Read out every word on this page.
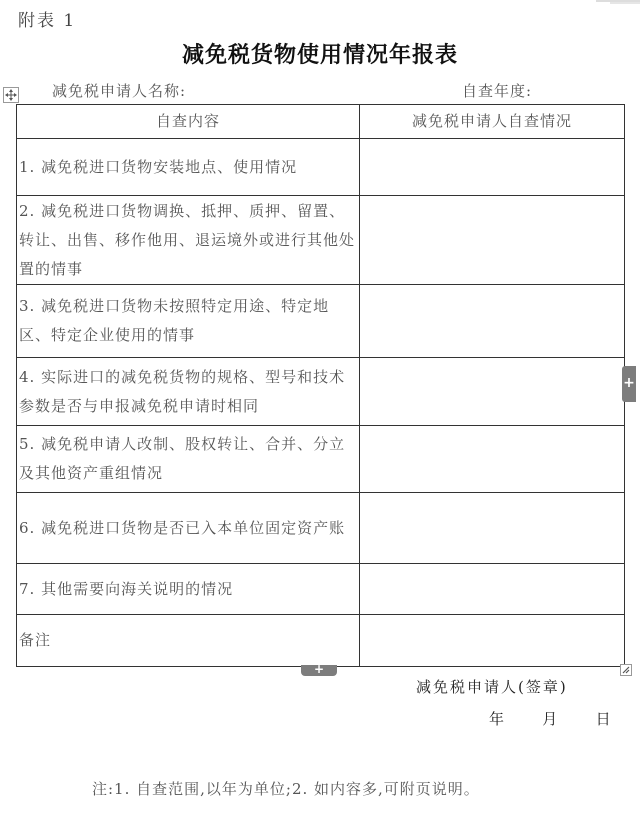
附表 1
减免税货物使用情况年报表
减免税申请人名称:	自查年度:
自查内容	减免税申请人自查情况
1. 减免税进口货物安装地点、使用情况	
2. 减免税进口货物调换、抵押、质押、留置、转让、出售、移作他用、退运境外或进行其他处置的情事	
3. 减免税进口货物未按照特定用途、特定地区、特定企业使用的情事	
4. 实际进口的减免税货物的规格、型号和技术参数是否与申报减免税申请时相同	
5. 减免税申请人改制、股权转让、合并、分立及其他资产重组情况	
6. 减免税进口货物是否已入本单位固定资产账	
7. 其他需要向海关说明的情况	
备注	
+
+
减免税申请人(签章)
年   月   日
注:1. 自查范围,以年为单位;2. 如内容多,可附页说明。
